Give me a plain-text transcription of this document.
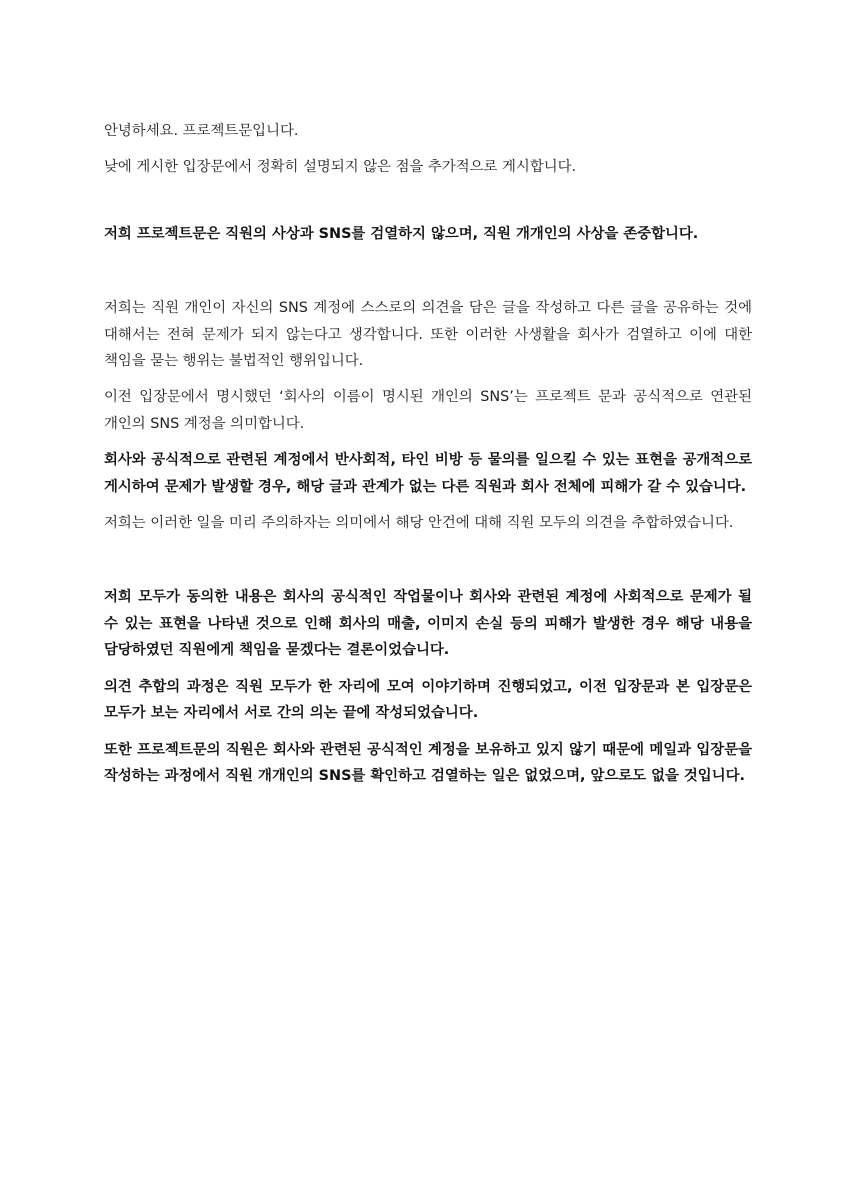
안녕하세요. 프로젝트문입니다.

낮에 게시한 입장문에서 정확히 설명되지 않은 점을 추가적으로 게시합니다.

저희 프로젝트문은 직원의 사상과 SNS를 검열하지 않으며, 직원 개개인의 사상을 존중합니다.

저희는 직원 개인이 자신의 SNS 계정에 스스로의 의견을 담은 글을 작성하고 다른 글을 공유하는 것에 대해서는 전혀 문제가 되지 않는다고 생각합니다. 또한 이러한 사생활을 회사가 검열하고 이에 대한 책임을 묻는 행위는 불법적인 행위입니다.

이전 입장문에서 명시했던 ‘회사의 이름이 명시된 개인의 SNS’는 프로젝트 문과 공식적으로 연관된 개인의 SNS 계정을 의미합니다.

회사와 공식적으로 관련된 계정에서 반사회적, 타인 비방 등 물의를 일으킬 수 있는 표현을 공개적으로 게시하여 문제가 발생할 경우, 해당 글과 관계가 없는 다른 직원과 회사 전체에 피해가 갈 수 있습니다.

저희는 이러한 일을 미리 주의하자는 의미에서 해당 안건에 대해 직원 모두의 의견을 추합하였습니다.

저희 모두가 동의한 내용은 회사의 공식적인 작업물이나 회사와 관련된 계정에 사회적으로 문제가 될 수 있는 표현을 나타낸 것으로 인해 회사의 매출, 이미지 손실 등의 피해가 발생한 경우 해당 내용을 담당하였던 직원에게 책임을 묻겠다는 결론이었습니다.

의견 추합의 과정은 직원 모두가 한 자리에 모여 이야기하며 진행되었고, 이전 입장문과 본 입장문은 모두가 보는 자리에서 서로 간의 의논 끝에 작성되었습니다.

또한 프로젝트문의 직원은 회사와 관련된 공식적인 계정을 보유하고 있지 않기 때문에 메일과 입장문을 작성하는 과정에서 직원 개개인의 SNS를 확인하고 검열하는 일은 없었으며, 앞으로도 없을 것입니다.
